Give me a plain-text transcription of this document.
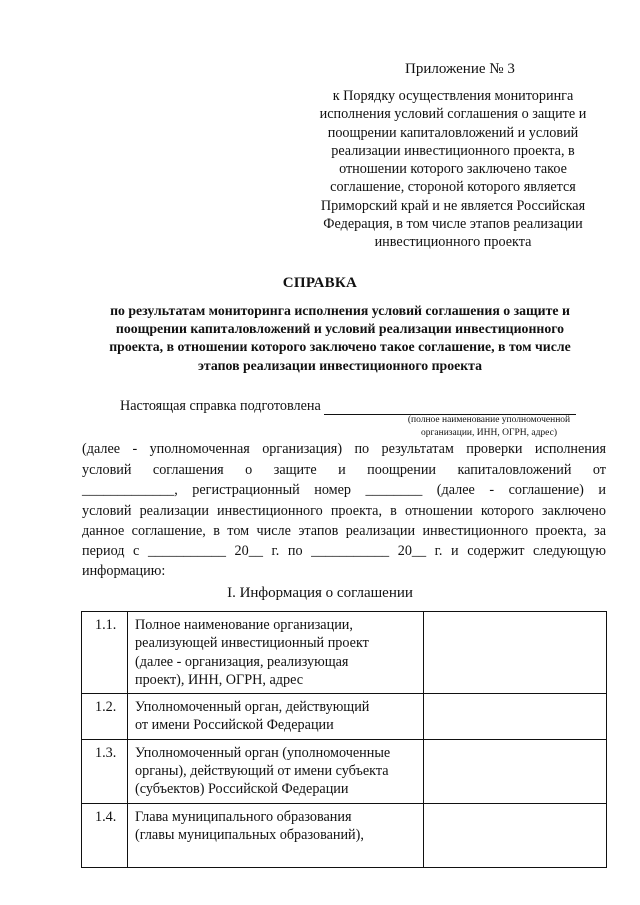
Приложение № 3
к Порядку осуществления мониторинга
исполнения условий соглашения о защите и
поощрении капиталовложений и условий
реализации инвестиционного проекта, в
отношении которого заключено такое
соглашение, стороной которого является
Приморский край и не является Российская
Федерация, в том числе этапов реализации
инвестиционного проекта
СПРАВКА
по результатам мониторинга исполнения условий соглашения о защите и
поощрении капиталовложений и условий реализации инвестиционного
проекта, в отношении которого заключено такое соглашение, в том числе
этапов реализации инвестиционного проекта
Настоящая справка подготовлена
(полное наименование уполномоченной
организации, ИНН, ОГРН, адрес)
(далее - уполномоченная организация) по результатам проверки исполнения
условий соглашения о защите и поощрении капиталовложений от
_____________, регистрационный номер ________ (далее - соглашение) и
условий реализации инвестиционного проекта, в отношении которого заключено
данное соглашение, в том числе этапов реализации инвестиционного проекта, за
период с ___________ 20__ г. по ___________ 20__ г. и содержит следующую
информацию:
I. Информация о соглашении
1.1.	Полное наименование организации,
реализующей инвестиционный проект
(далее - организация, реализующая
проект), ИНН, ОГРН, адрес	

1.2.	Уполномоченный орган, действующий
от имени Российской Федерации	

1.3.	Уполномоченный орган (уполномоченные
органы), действующий от имени субъекта
(субъектов) Российской Федерации	

1.4.	Глава муниципального образования
(главы муниципальных образований),	
